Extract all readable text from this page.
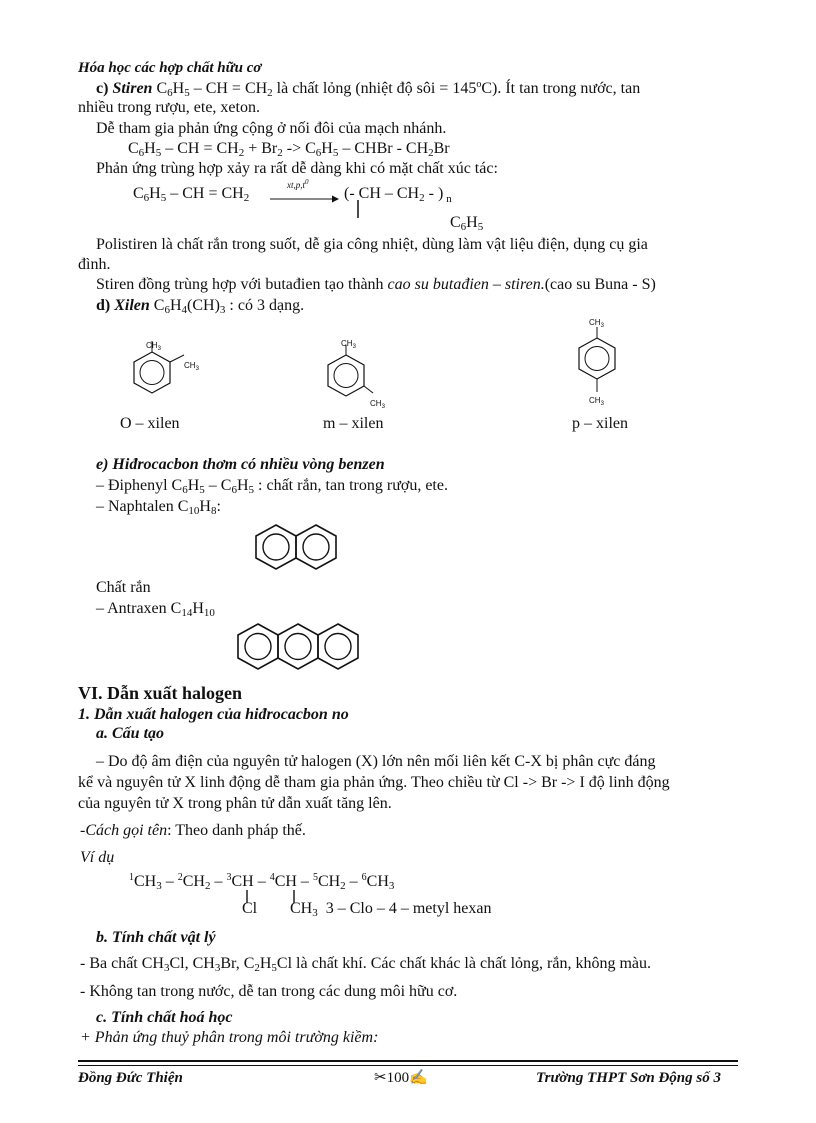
Hóa học các hợp chất hữu cơ
c) Stiren $C_6H_5$ – CH = $CH_2$ là chất lỏng (nhiệt độ sôi = $145^oC$). Ít tan trong nước, tan
nhiều trong rượu, ete, xeton.
Dễ tham gia phản ứng cộng ở nối đôi của mạch nhánh.
$C_6H_5$ – CH = $CH_2 + Br_2 -> C_6H_5$ – CHBr - $CH_2Br$
Phản ứng trùng hợp xảy ra rất dễ dàng khi có mặt chất xúc tác:
$C_6H_5$ – CH = $CH_2$
$xt,p,t^0$
(- CH – $CH_2$ - ) $_n$
$C_6H_5$
Polistiren là chất rắn trong suốt, dễ gia công nhiệt, dùng làm vật liệu điện, dụng cụ gia
đình.
Stiren đồng trùng hợp với butađien tạo thành cao su butađien – stiren.(cao su Buna - S)
d) Xilen $C_6H_4(CH)_3$ : có 3 dạng.
$CH_3$
$CH_3$
$CH_3$
$CH_3$
$CH_3$
$CH_3$
O – xilen	m – xilen	p – xilen
e) Hiđrocacbon thơm có nhiều vòng benzen
– Điphenyl $C_6H_5 - C_6H_5$ : chất rắn, tan trong rượu, ete.
– Naphtalen $C_{10}H_8$:
Chất rắn
– Antraxen $C_{14}H_{10}$
VI. Dẫn xuất halogen
1. Dẫn xuất halogen của hiđrocacbon no
a. Cấu tạo
– Do độ âm điện của nguyên tử halogen (X) lớn nên mối liên kết C-X bị phân cực đáng
kể và nguyên tử X linh động dễ tham gia phản ứng. Theo chiều từ Cl -> Br -> I độ linh động
của nguyên tử X trong phân tử dẫn xuất tăng lên.
-Cách gọi tên: Theo danh pháp thế.
Ví dụ
$^1CH_3 - ^2CH_2 - ^3CH - ^4CH - ^5CH_2 - ^6CH_3$
Cl $CH_3$ 3 – Clo – 4 – metyl hexan
b. Tính chất vật lý
- Ba chất $CH_3Cl$, $CH_3Br$, $C_2H_5Cl$ là chất khí. Các chất khác là chất lỏng, rắn, không màu.
- Không tan trong nước, dễ tan trong các dung môi hữu cơ.
c. Tính chất hoá học
+ Phản ứng thuỷ phân trong môi trường kiềm:
Đồng Đức Thiện	✂100✍	Trường THPT Sơn Động số 3
